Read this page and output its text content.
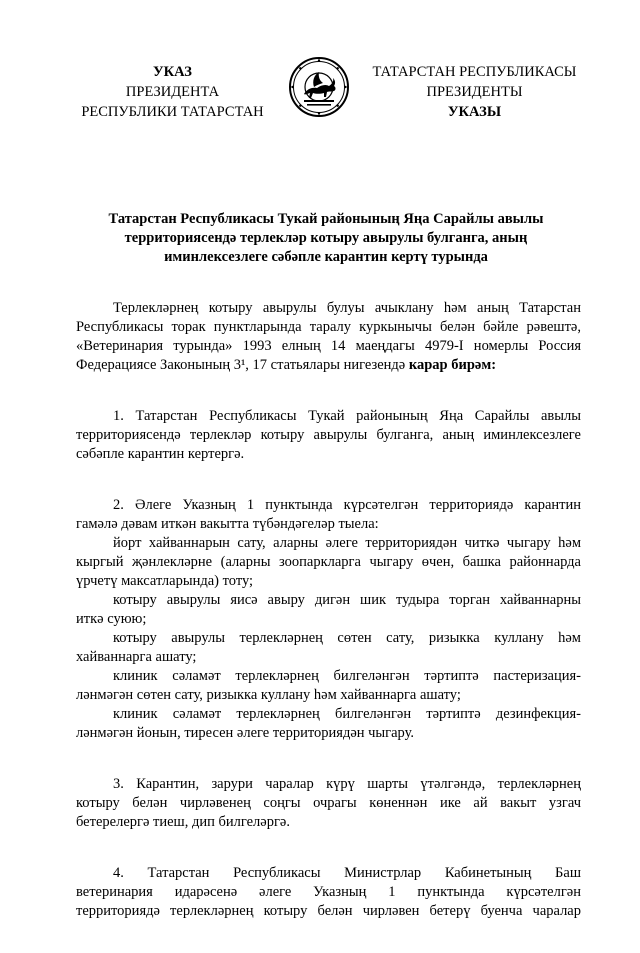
УКАЗ
ПРЕЗИДЕНТА
РЕСПУБЛИКИ ТАТАРСТАН
ТАТАРСТАН РЕСПУБЛИКАСЫ
ПРЕЗИДЕНТЫ
УКАЗЫ
Татарстан Республикасы Тукай районының Яңа Сарайлы авылы
территориясендә терлекләр котыру авырулы булганга, аның
иминлексезлеге сәбәпле карантин кертү турында
Терлекләрнең котыру авырулы булуы ачыклану һәм аның Татарстан
Республикасы торак пунктларында таралу куркынычы белән бәйле рәвештә,
«Ветеринария турында» 1993 елның 14 маеңдагы 4979-I номерлы Россия
Федерациясе Законының 3¹, 17 статьялары нигезендә карар бирәм:
1. Татарстан Республикасы Тукай районының Яңа Сарайлы авылы
территориясендә терлекләр котыру авырулы булганга, аның иминлексезлеге
сәбәпле карантин кертергә.
2. Әлеге Указның 1 пунктында күрсәтелгән территориядә карантин
гамәлә дәвам иткән вакытта түбәндәгеләр тыела:
йорт хайваннарын сату, аларны әлеге территориядән читкә чыгару һәм
кыргый җәнлекләрне (аларны зоопаркларга чыгару өчен, башка районнарда
үрчетү максатларында) тоту;
котыру авырулы яисә авыру дигән шик тудыра торган хайваннарны
иткә суюю;
котыру авырулы терлекләрнең сөтен сату, ризыкка куллану һәм
хайваннарга ашату;
клиник сәламәт терлекләрнең билгеләнгән тәртиптә пастеризация-
ләнмәгән сөтен сату, ризыкка куллану һәм хайваннарга ашату;
клиник сәламәт терлекләрнең билгеләнгән тәртиптә дезинфекция-
ләнмәгән йонын, тиресен әлеге территориядән чыгару.
3. Карантин, зарури чаралар күрү шарты үтәлгәндә, терлекләрнең
котыру белән чирләвенең соңгы очрагы көненнән ике ай вакыт узгач
бетерелергә тиеш, дип билгеләргә.
4. Татарстан Республикасы Министрлар Кабинетының Баш
ветеринария идарәсенә әлеге Указның 1 пунктында күрсәтелгән
территориядә терлекләрнең котыру белән чирләвен бетерү буенча чаралар
